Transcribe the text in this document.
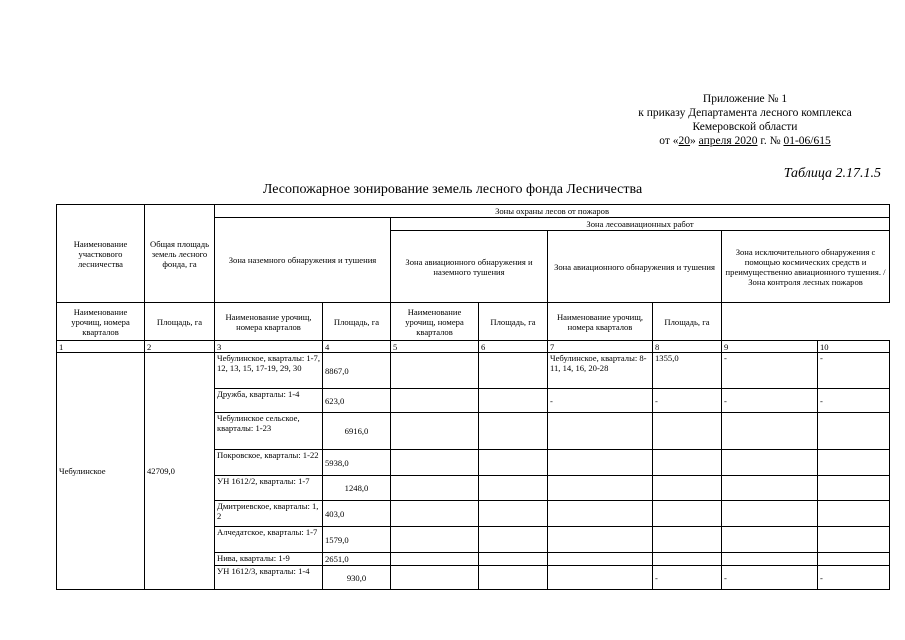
Приложение № 1
к приказу Департамента лесного комплекса
Кемеровской области
от «20» апреля 2020 г. № 01-06/615
Таблица 2.17.1.5
Лесопожарное зонирование земель лесного фонда Лесничества
Наименование участкового лесничества	Общая площадь земель лесного фонда, га	Зоны охраны лесов от пожаров							
		Зона наземного обнаружения и тушения		Зона лесоавиационных работ					
				Зона авиационного обнаружения и наземного тушения		Зона авиационного обнаружения и тушения		Зона исключительного обнаружения с помощью космических средств и преимущественно авиационного тушения. / Зона контроля лесных пожаров	
Наименование урочищ, номера кварталов	Площадь, га	Наименование урочищ, номера кварталов	Площадь, га	Наименование урочищ, номера кварталов	Площадь, га	Наименование урочищ, номера кварталов	Площадь, га		
1	2	3	4	5	6	7	8	9	10
Чебулинское	42709,0	Чебулинское, кварталы: 1-7, 12, 13, 15, 17-19, 29, 30	8867,0			Чебулинское, кварталы: 8-11, 14, 16, 20-28	1355,0	-	-
		Дружба, кварталы: 1-4	623,0			-	-	-	-
		Чебулинское сельское, кварталы: 1-23	6916,0						
		Покровское, кварталы: 1-22	5938,0						
		УН 1612/2, кварталы: 1-7	1248,0						
		Дмитриевское, кварталы: 1, 2	403,0						
		Алчедатское, кварталы: 1-7	1579,0						
		Нива, кварталы: 1-9	2651,0						
		УН 1612/3, кварталы: 1-4	930,0				-	-	-
